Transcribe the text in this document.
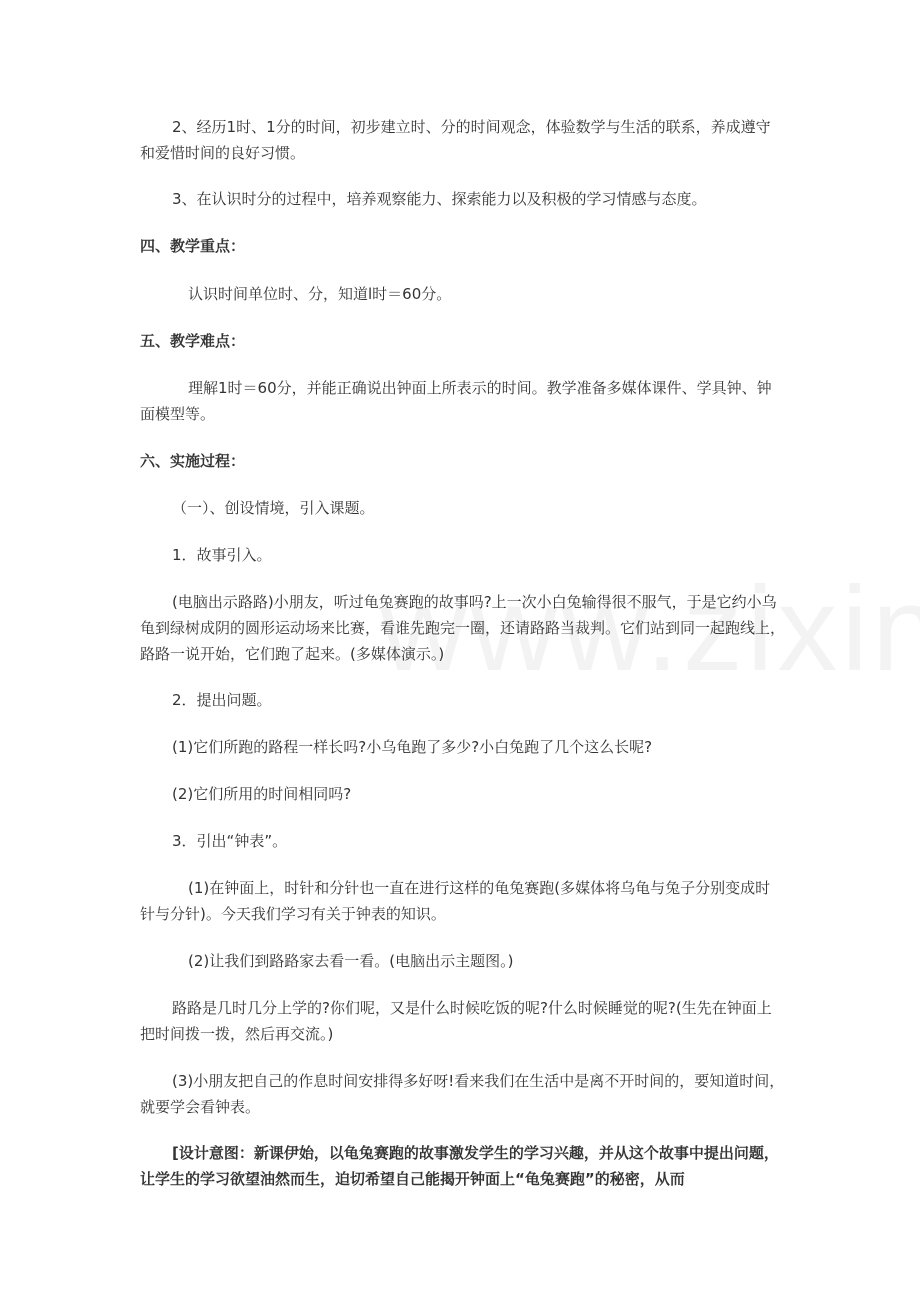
2、经历1时、1分的时间，初步建立时、分的时间观念，体验数学与生活的联系，养成遵守和爱惜时间的良好习惯。

3、在认识时分的过程中，培养观察能力、探索能力以及积极的学习情感与态度。

四、教学重点：

认识时间单位时、分，知道l时＝60分。

五、教学难点：

理解1时＝60分，并能正确说出钟面上所表示的时间。教学准备多媒体课件、学具钟、钟面模型等。

六、实施过程：

（一）、创设情境，引入课题。

1．故事引入。

(电脑出示路路)小朋友，听过龟兔赛跑的故事吗?上一次小白兔输得很不服气，于是它约小乌龟到绿树成阴的圆形运动场来比赛，看谁先跑完一圈，还请路路当裁判。它们站到同一起跑线上，路路一说开始，它们跑了起来。(多媒体演示。)

2．提出问题。

(1)它们所跑的路程一样长吗?小乌龟跑了多少?小白兔跑了几个这么长呢?

(2)它们所用的时间相同吗?

3．引出“钟表”。

(1)在钟面上，时针和分针也一直在进行这样的龟兔赛跑(多媒体将乌龟与兔子分别变成时针与分针)。今天我们学习有关于钟表的知识。

(2)让我们到路路家去看一看。(电脑出示主题图。)

路路是几时几分上学的?你们呢，又是什么时候吃饭的呢?什么时候睡觉的呢?(生先在钟面上把时间拨一拨，然后再交流。)

(3)小朋友把自己的作息时间安排得多好呀!看来我们在生活中是离不开时间的，要知道时间，就要学会看钟表。

[设计意图：新课伊始，以龟兔赛跑的故事激发学生的学习兴趣，并从这个故事中提出问题，让学生的学习欲望油然而生，迫切希望自己能揭开钟面上“龟兔赛跑”的秘密，从而
